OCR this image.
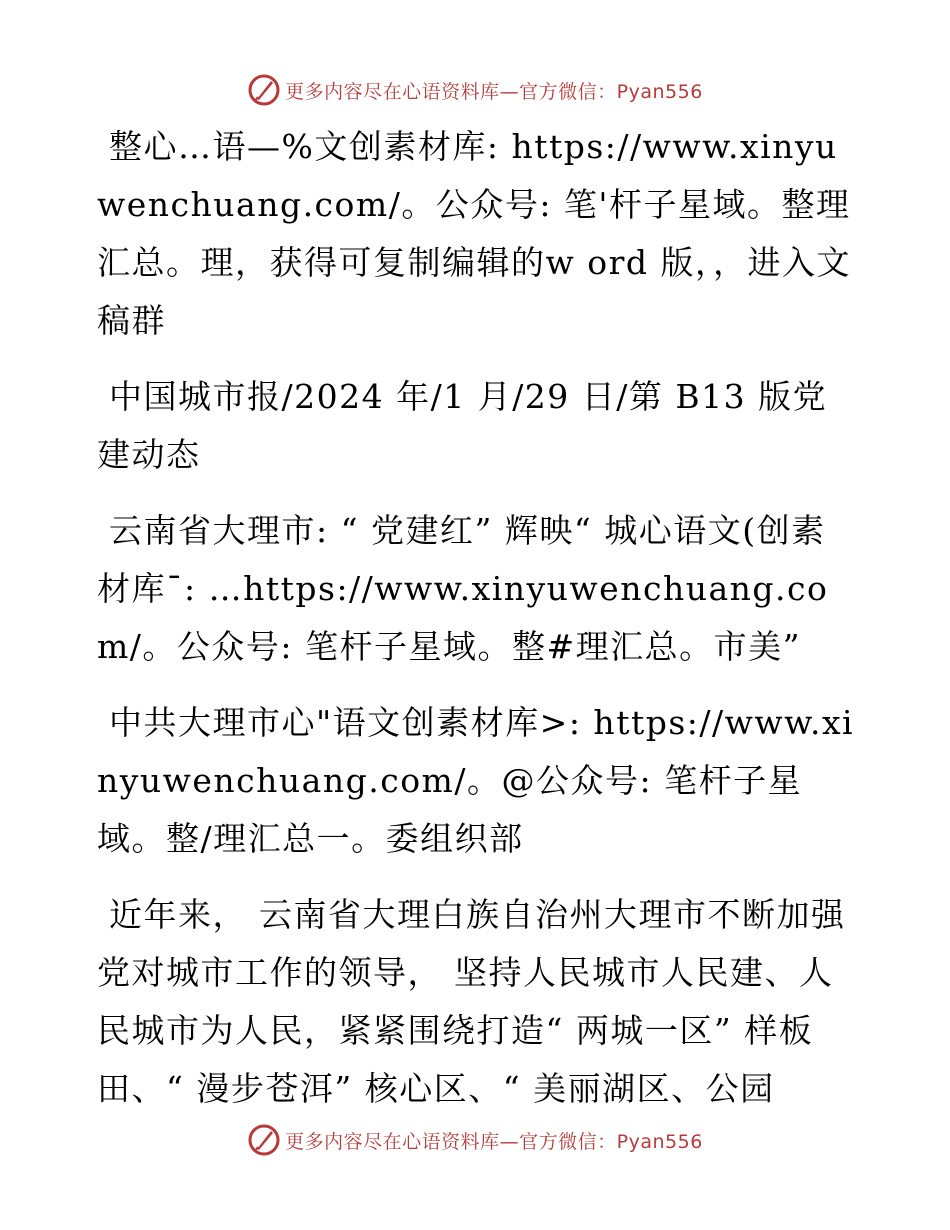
更多内容尽在心语资料库—官方微信：Pyan556

整心…语—%文创素材库: https://www.xinyuwenchuang.com/。公众号: 笔'杆子星域。整理汇总。理，获得可复制编辑的w ord 版，，进入文稿群

中国城市报/2024 年/1 月/29 日/第 B13 版党建动态

云南省大理市: “ 党建红” 辉映“ 城心语文(创素材库¯: …https://www.xinyuwenchuang.com/。公众号: 笔杆子星域。整#理汇总。市美”

中共大理市心"语文创素材库>: https://www.xinyuwenchuang.com/。@公众号: 笔杆子星域。整/理汇总一。委组织部

近年来， 云南省大理白族自治州大理市不断加强党对城市工作的领导， 坚持人民城市人民建、人民城市为人民，紧紧围绕打造“ 两城一区” 样板田、“ 漫步苍洱” 核心区、“ 美丽湖区、公园

更多内容尽在心语资料库—官方微信：Pyan556
